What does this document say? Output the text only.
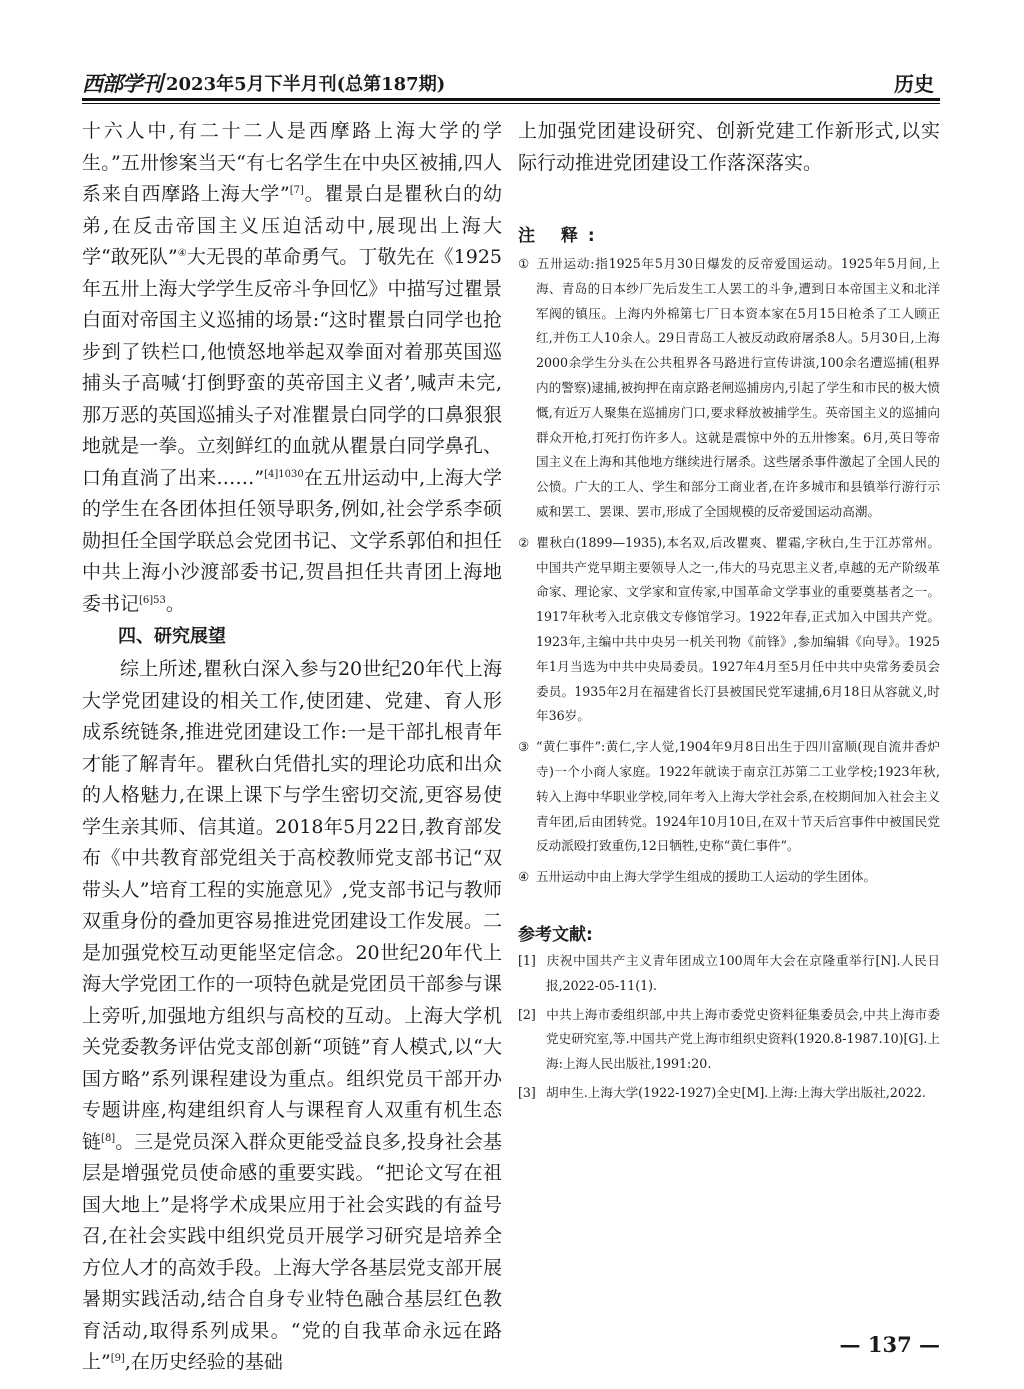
西部学刊 2023年5月下半月刊(总第187期)	历史

十六人中,有二十二人是西摩路上海大学的学生。”五卅惨案当天“有七名学生在中央区被捕,四人系来自西摩路上海大学”[7]。瞿景白是瞿秋白的幼弟,在反击帝国主义压迫活动中,展现出上海大学“敢死队”④大无畏的革命勇气。丁敬先在《1925年五卅上海大学学生反帝斗争回忆》中描写过瞿景白面对帝国主义巡捕的场景:“这时瞿景白同学也抢步到了铁栏口,他愤怒地举起双拳面对着那英国巡捕头子高喊‘打倒野蛮的英帝国主义者’,喊声未完,那万恶的英国巡捕头子对准瞿景白同学的口鼻狠狠地就是一拳。立刻鲜红的血就从瞿景白同学鼻孔、口角直淌了出来……”$^{[4]1030}$在五卅运动中,上海大学的学生在各团体担任领导职务,例如,社会学系李硕勋担任全国学联总会党团书记、文学系郭伯和担任中共上海小沙渡部委书记,贺昌担任共青团上海地委书记$^{[6]53}$。

四、研究展望

综上所述,瞿秋白深入参与20世纪20年代上海大学党团建设的相关工作,使团建、党建、育人形成系统链条,推进党团建设工作:一是干部扎根青年才能了解青年。瞿秋白凭借扎实的理论功底和出众的人格魅力,在课上课下与学生密切交流,更容易使学生亲其师、信其道。2018年5月22日,教育部发布《中共教育部党组关于高校教师党支部书记“双带头人”培育工程的实施意见》,党支部书记与教师双重身份的叠加更容易推进党团建设工作发展。二是加强党校互动更能坚定信念。20世纪20年代上海大学党团工作的一项特色就是党团员干部参与课上旁听,加强地方组织与高校的互动。上海大学机关党委教务评估党支部创新“项链”育人模式,以“大国方略”系列课程建设为重点。组织党员干部开办专题讲座,构建组织育人与课程育人双重有机生态链[8]。三是党员深入群众更能受益良多,投身社会基层是增强党员使命感的重要实践。“把论文写在祖国大地上”是将学术成果应用于社会实践的有益号召,在社会实践中组织党员开展学习研究是培养全方位人才的高效手段。上海大学各基层党支部开展暑期实践活动,结合自身专业特色融合基层红色教育活动,取得系列成果。“党的自我革命永远在路上”[9],在历史经验的基础

上加强党团建设研究、创新党建工作新形式,以实际行动推进党团建设工作落深落实。

注 释:

① 五卅运动:指1925年5月30日爆发的反帝爱国运动。1925年5月间,上海、青岛的日本纱厂先后发生工人罢工的斗争,遭到日本帝国主义和北洋军阀的镇压。上海内外棉第七厂日本资本家在5月15日枪杀了工人顾正红,并伤工人10余人。29日青岛工人被反动政府屠杀8人。5月30日,上海2000余学生分头在公共租界各马路进行宣传讲演,100余名遭巡捕(租界内的警察)逮捕,被拘押在南京路老闸巡捕房内,引起了学生和市民的极大愤慨,有近万人聚集在巡捕房门口,要求释放被捕学生。英帝国主义的巡捕向群众开枪,打死打伤许多人。这就是震惊中外的五卅惨案。6月,英日等帝国主义在上海和其他地方继续进行屠杀。这些屠杀事件激起了全国人民的公愤。广大的工人、学生和部分工商业者,在许多城市和县镇举行游行示威和罢工、罢课、罢市,形成了全国规模的反帝爱国运动高潮。

② 瞿秋白(1899—1935),本名双,后改瞿爽、瞿霜,字秋白,生于江苏常州。中国共产党早期主要领导人之一,伟大的马克思主义者,卓越的无产阶级革命家、理论家、文学家和宣传家,中国革命文学事业的重要奠基者之一。1917年秋考入北京俄文专修馆学习。1922年春,正式加入中国共产党。1923年,主编中共中央另一机关刊物《前锋》,参加编辑《向导》。1925年1月当选为中共中央局委员。1927年4月至5月任中共中央常务委员会委员。1935年2月在福建省长汀县被国民党军逮捕,6月18日从容就义,时年36岁。

③ “黄仁事件”:黄仁,字人觉,1904年9月8日出生于四川富顺(现自流井香炉寺)一个小商人家庭。1922年就读于南京江苏第二工业学校;1923年秋,转入上海中华职业学校,同年考入上海大学社会系,在校期间加入社会主义青年团,后由团转党。1924年10月10日,在双十节天后宫事件中被国民党反动派殴打致重伤,12日牺牲,史称“黄仁事件”。

④ 五卅运动中由上海大学学生组成的援助工人运动的学生团体。

参考文献:

[1] 庆祝中国共产主义青年团成立100周年大会在京隆重举行[N].人民日报,2022-05-11(1).

[2] 中共上海市委组织部,中共上海市委党史资料征集委员会,中共上海市委党史研究室,等.中国共产党上海市组织史资料(1920.8-1987.10)[G].上海:上海人民出版社,1991:20.

[3] 胡申生.上海大学(1922-1927)全史[M].上海:上海大学出版社,2022.

— 137 —
